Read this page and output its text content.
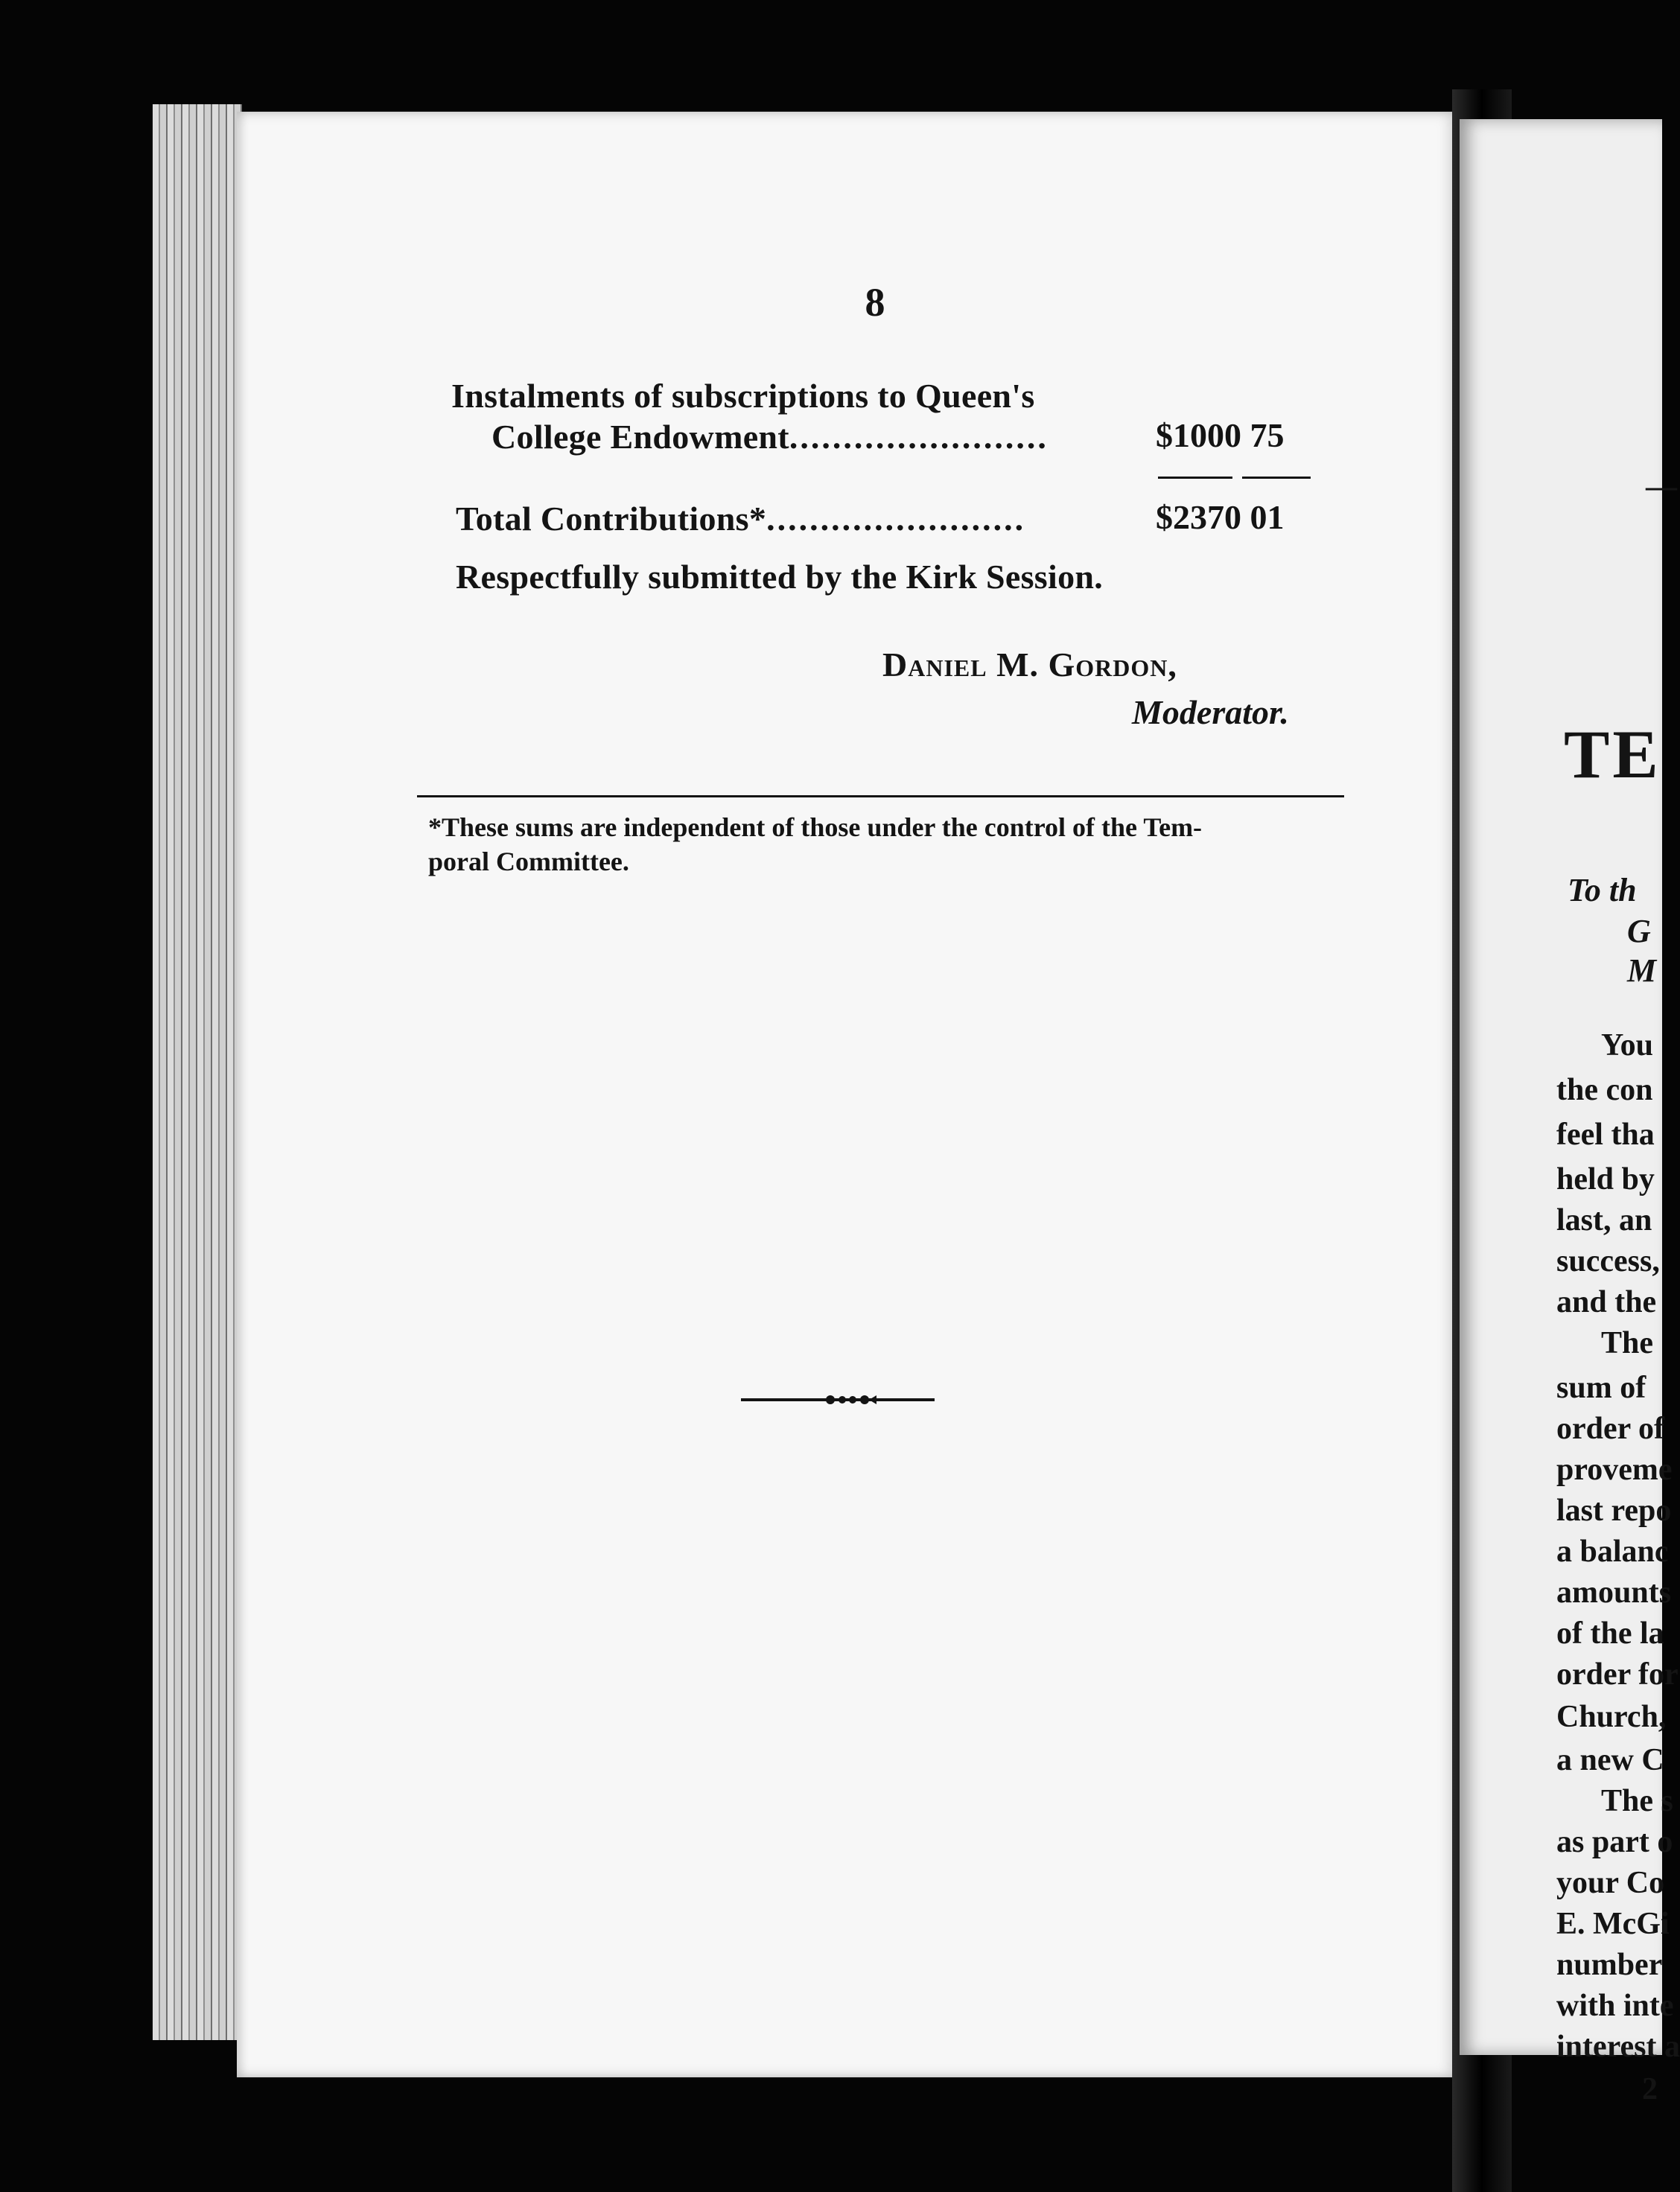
8
Instalments of subscriptions to Queen's
College Endowment........................	$1000 75
Total Contributions*........................	$2370 01
Respectfully submitted by the Kirk Session.
Daniel M. Gordon,
Moderator.
*These sums are independent of those under the control of the Tem-
poral Committee.
—
TE
To th
G
M
You
the con
feel tha
held by
last, an
success,
and the
The
sum of
order of
proveme
last repo
a balanc
amounts
of the la
order for
Church,
a new C
The s
as part o
your Co
E. McGi
number
with inte
interest a
2
